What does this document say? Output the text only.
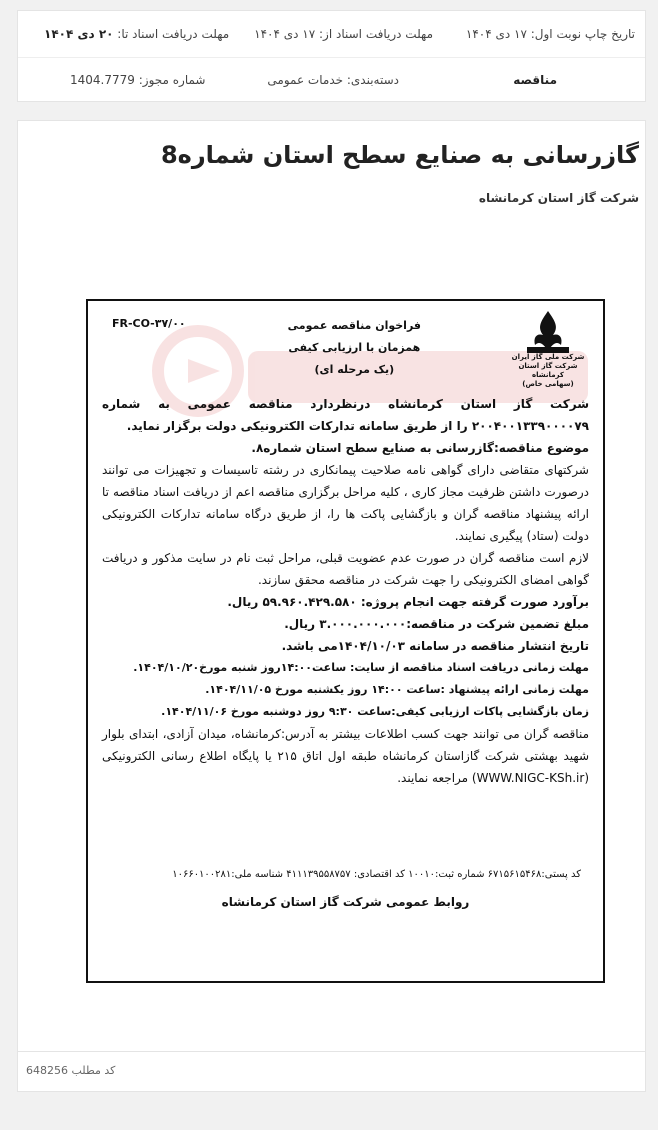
تاریخ چاپ نوبت اول: ۱۷ دی ۱۴۰۴
مهلت دریافت اسناد از: ۱۷ دی ۱۴۰۴
مهلت دریافت اسناد تا: ۲۰ دی ۱۴۰۴
مناقصه
دسته‌بندی: خدمات عمومی
شماره مجوز: 1404.7779
گازرسانی به صنایع سطح استان شماره8
شرکت گاز استان کرمانشاه
FR-CO-۳۷/۰۰	فراخوان مناقصه عمومی
همزمان با ارزیابی کیفی
(یک مرحله ای)
شرکت ملی گاز ایران
شرکت گاز استان کرمانشاه
(سهامی خاص)

شرکت گاز استان کرمانشاه درنظردارد مناقصه عمومی به شماره ۲۰۰۴۰۰۱۳۳۹۰۰۰۰۷۹ را از طریق سامانه تدارکات الکترونیکی دولت برگزار نماید.

موضوع مناقصه:گازرسانی به صنایع سطح استان شماره۸.

شرکتهای متقاضی دارای گواهی نامه صلاحیت پیمانکاری در رشته تاسیسات و تجهیزات می توانند درصورت داشتن ظرفیت مجاز کاری ، کلیه مراحل برگزاری مناقصه اعم از دریافت اسناد مناقصه تا ارائه پیشنهاد مناقصه گران و بازگشایی پاکت ها را، از طریق درگاه سامانه تدارکات الکترونیکی دولت (ستاد) پیگیری نمایند.

لازم است مناقصه گران در صورت عدم عضویت قبلی، مراحل ثبت نام در سایت مذکور و دریافت گواهی امضای الکترونیکی را جهت شرکت در مناقصه محقق سازند.

برآورد صورت گرفته جهت انجام پروژه: ۵۹.۹۶۰.۴۲۹.۵۸۰ ریال.

مبلغ تضمین شرکت در مناقصه:۳.۰۰۰.۰۰۰.۰۰۰ ریال.

تاریخ انتشار مناقصه در سامانه ۱۴۰۴/۱۰/۰۳می باشد.

مهلت زمانی دریافت اسناد مناقصه از سایت: ساعت۱۴:۰۰روز شنبه مورخ۱۴۰۴/۱۰/۲۰.

مهلت زمانی ارائه پیشنهاد :ساعت ۱۴:۰۰ روز یکشنبه مورخ ۱۴۰۴/۱۱/۰۵.

زمان بازگشایی پاکات ارزیابی کیفی:ساعت ۹:۳۰ روز دوشنبه مورخ ۱۴۰۴/۱۱/۰۶.

مناقصه گران می توانند جهت کسب اطلاعات بیشتر به آدرس:کرمانشاه، میدان آزادی، ابتدای بلوار شهید بهشتی شرکت گازاستان کرمانشاه طبقه اول اتاق ۲۱۵ یا پایگاه اطلاع رسانی الکترونیکی (WWW.NIGC-KSh.ir) مراجعه نمایند.

کد پستی:۶۷۱۵۶۱۵۴۶۸ شماره ثبت:۱۰۰۱۰ کد اقتصادی: ۴۱۱۱۳۹۵۵۸۷۵۷ شناسه ملی:۱۰۶۶۰۱۰۰۲۸۱
روابط عمومی شرکت گاز استان کرمانشاه
کد مطلب 648256
